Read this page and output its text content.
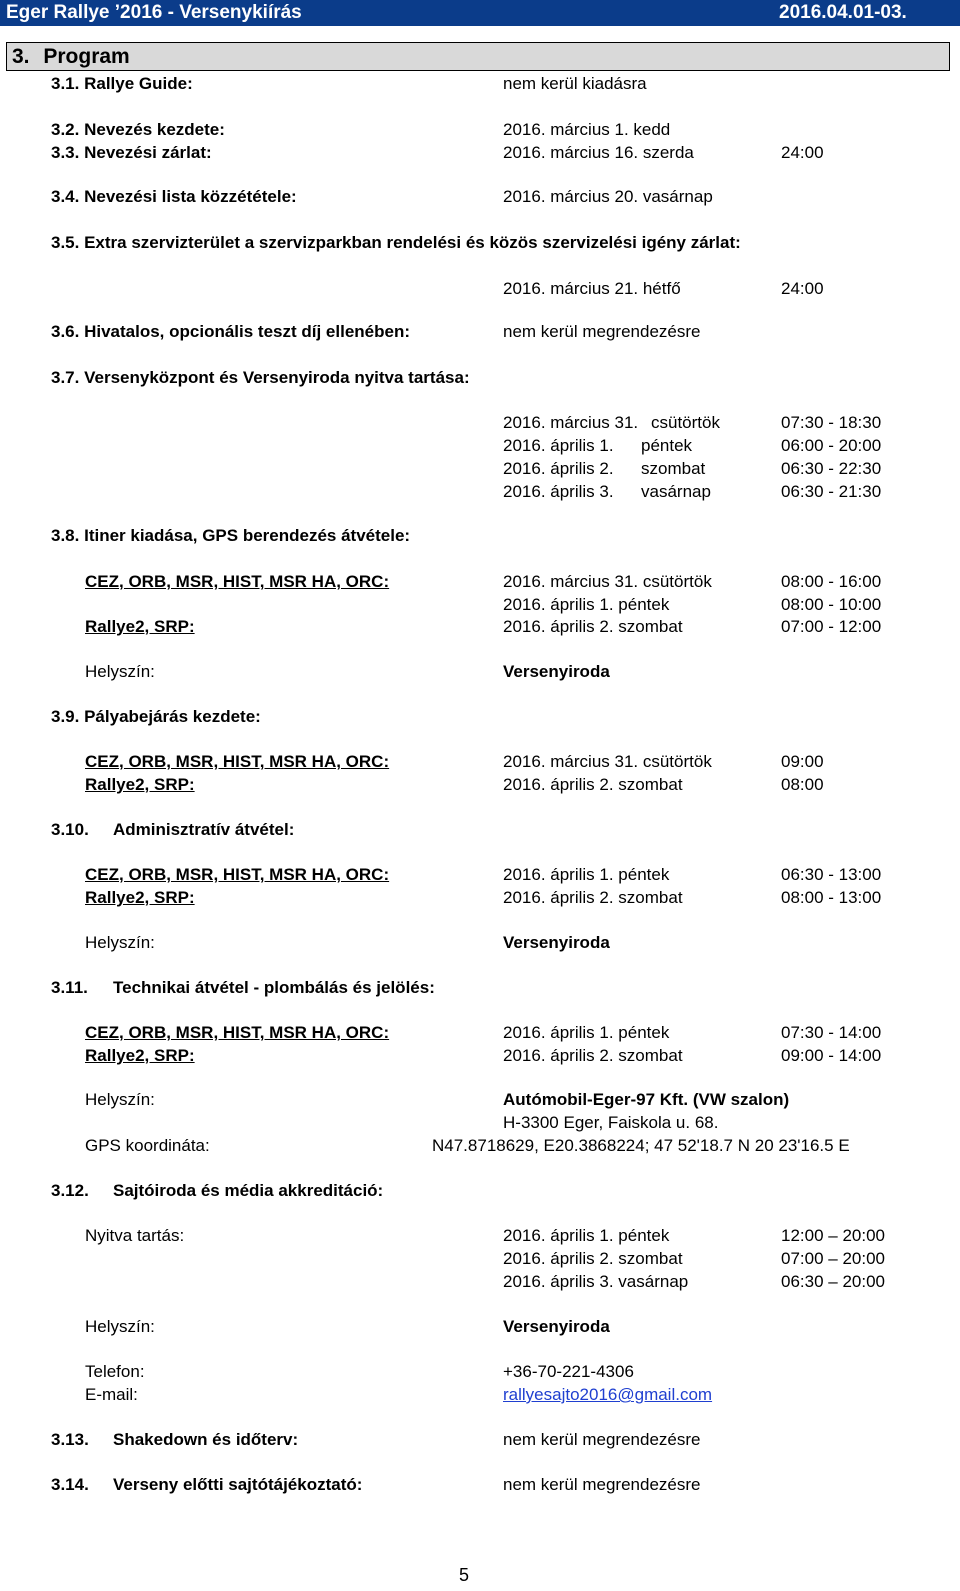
Eger Rallye ’2016 - Versenykiírás	2016.04.01-03.
3. Program
3.1. Rallye Guide:	nem kerül kiadásra
3.2. Nevezés kezdete:	2016. március 1. kedd
3.3. Nevezési zárlat:	2016. március 16. szerda	24:00
3.4. Nevezési lista közzététele:	2016. március 20. vasárnap
3.5. Extra szervizterület a szervizparkban rendelési és közös szervizelési igény zárlat:
2016. március 21. hétfő	24:00
3.6. Hivatalos, opcionális teszt díj ellenében:	nem kerül megrendezésre
3.7. Versenyközpont és Versenyiroda nyitva tartása:
2016. március 31. csütörtök	07:30 - 18:30
2016. április 1. péntek	06:00 - 20:00
2016. április 2. szombat	06:30 - 22:30
2016. április 3. vasárnap	06:30 - 21:30
3.8. Itiner kiadása, GPS berendezés átvétele:
CEZ, ORB, MSR, HIST, MSR HA, ORC:	2016. március 31. csütörtök	08:00 - 16:00
2016. április 1. péntek	08:00 - 10:00
Rallye2, SRP:	2016. április 2. szombat	07:00 - 12:00
Helyszín:	Versenyiroda
3.9. Pályabejárás kezdete:
CEZ, ORB, MSR, HIST, MSR HA, ORC:	2016. március 31. csütörtök	09:00
Rallye2, SRP:	2016. április 2. szombat	08:00
3.10. Adminisztratív átvétel:
CEZ, ORB, MSR, HIST, MSR HA, ORC:	2016. április 1. péntek	06:30 - 13:00
Rallye2, SRP:	2016. április 2. szombat	08:00 - 13:00
Helyszín:	Versenyiroda
3.11. Technikai átvétel - plombálás és jelölés:
CEZ, ORB, MSR, HIST, MSR HA, ORC:	2016. április 1. péntek	07:30 - 14:00
Rallye2, SRP:	2016. április 2. szombat	09:00 - 14:00
Helyszín:	Autómobil-Eger-97 Kft. (VW szalon)
H-3300 Eger, Faiskola u. 68.
GPS koordináta:	N47.8718629, E20.3868224; 47 52'18.7 N 20 23'16.5 E
3.12. Sajtóiroda és média akkreditáció:
Nyitva tartás:	2016. április 1. péntek	12:00 – 20:00
2016. április 2. szombat	07:00 – 20:00
2016. április 3. vasárnap	06:30 – 20:00
Helyszín:	Versenyiroda
Telefon:	+36-70-221-4306
E-mail:	rallyesajto2016@gmail.com
3.13. Shakedown és időterv:	nem kerül megrendezésre
3.14. Verseny előtti sajtótájékoztató:	nem kerül megrendezésre
5
